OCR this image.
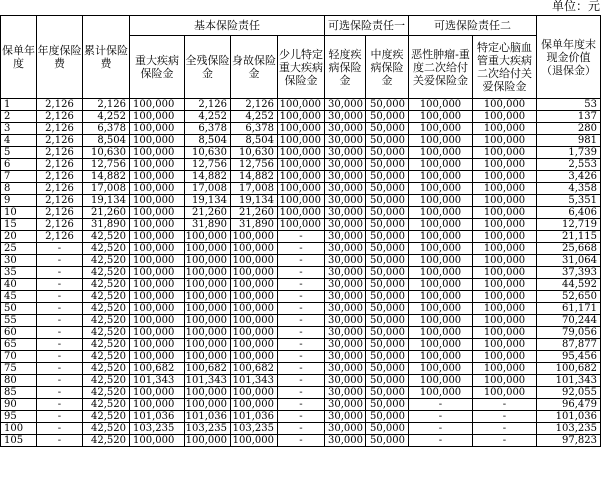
单位：元
保单年度	年度保险费	累计保险费	基本保险责任				可选保险责任一		可选保险责任二		保单年度末现金价值（退保金）
			重大疾病保险金	全残保险金	身故保险金	少儿特定重大疾病保险金	轻度疾病保险金	中度疾病保险金	恶性肿瘤-重度二次给付关爱保险金	特定心脑血管重大疾病二次给付关爱保险金	
1	2,126	2,126	100,000	2,126	2,126	100,000	30,000	50,000	100,000	100,000	53
2	2,126	4,252	100,000	4,252	4,252	100,000	30,000	50,000	100,000	100,000	137
3	2,126	6,378	100,000	6,378	6,378	100,000	30,000	50,000	100,000	100,000	280
4	2,126	8,504	100,000	8,504	8,504	100,000	30,000	50,000	100,000	100,000	981
5	2,126	10,630	100,000	10,630	10,630	100,000	30,000	50,000	100,000	100,000	1,739
6	2,126	12,756	100,000	12,756	12,756	100,000	30,000	50,000	100,000	100,000	2,553
7	2,126	14,882	100,000	14,882	14,882	100,000	30,000	50,000	100,000	100,000	3,426
8	2,126	17,008	100,000	17,008	17,008	100,000	30,000	50,000	100,000	100,000	4,358
9	2,126	19,134	100,000	19,134	19,134	100,000	30,000	50,000	100,000	100,000	5,351
10	2,126	21,260	100,000	21,260	21,260	100,000	30,000	50,000	100,000	100,000	6,406
15	2,126	31,890	100,000	31,890	31,890	100,000	30,000	50,000	100,000	100,000	12,719
20	2,126	42,520	100,000	100,000	100,000	-	30,000	50,000	100,000	100,000	21,115
25	-	42,520	100,000	100,000	100,000	-	30,000	50,000	100,000	100,000	25,668
30	-	42,520	100,000	100,000	100,000	-	30,000	50,000	100,000	100,000	31,064
35	-	42,520	100,000	100,000	100,000	-	30,000	50,000	100,000	100,000	37,393
40	-	42,520	100,000	100,000	100,000	-	30,000	50,000	100,000	100,000	44,592
45	-	42,520	100,000	100,000	100,000	-	30,000	50,000	100,000	100,000	52,650
50	-	42,520	100,000	100,000	100,000	-	30,000	50,000	100,000	100,000	61,171
55	-	42,520	100,000	100,000	100,000	-	30,000	50,000	100,000	100,000	70,244
60	-	42,520	100,000	100,000	100,000	-	30,000	50,000	100,000	100,000	79,056
65	-	42,520	100,000	100,000	100,000	-	30,000	50,000	100,000	100,000	87,877
70	-	42,520	100,000	100,000	100,000	-	30,000	50,000	100,000	100,000	95,456
75	-	42,520	100,682	100,682	100,682	-	30,000	50,000	100,000	100,000	100,682
80	-	42,520	101,343	101,343	101,343	-	30,000	50,000	100,000	100,000	101,343
85	-	42,520	100,000	100,000	100,000	-	30,000	50,000	100,000	100,000	92,055
90	-	42,520	100,000	100,000	100,000	-	30,000	50,000	-	-	96,479
95	-	42,520	101,036	101,036	101,036	-	30,000	50,000	-	-	101,036
100	-	42,520	103,235	103,235	103,235	-	30,000	50,000	-	-	103,235
105	-	42,520	100,000	100,000	100,000	-	30,000	50,000	-	-	97,823
